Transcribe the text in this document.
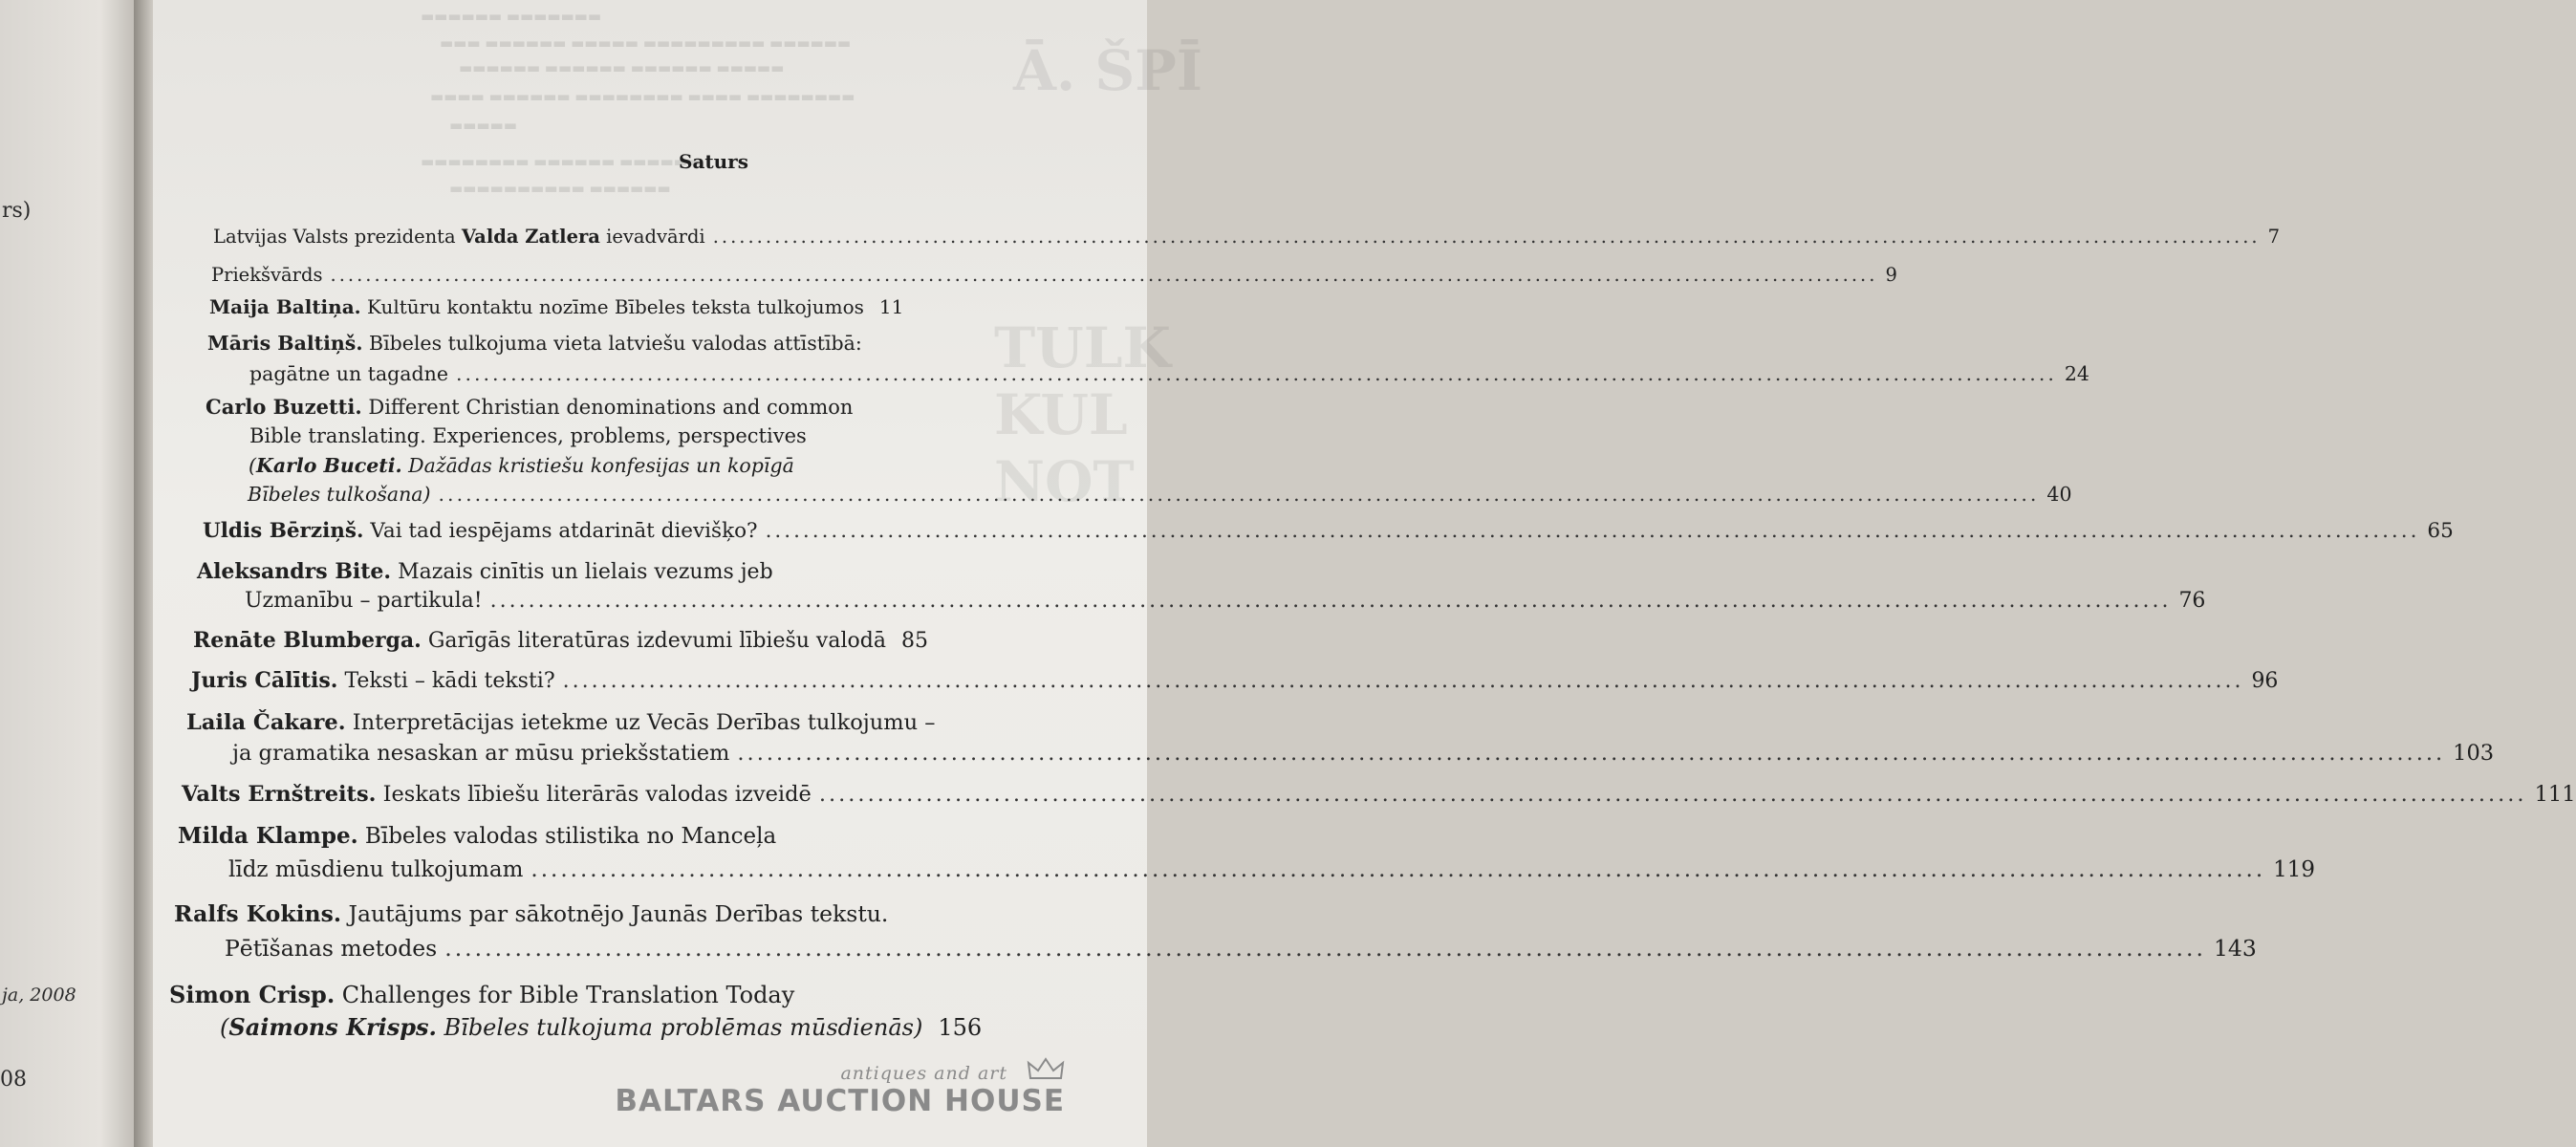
rs)
ja, 2008
08
▬▬▬▬▬▬ ▬▬▬▬▬▬▬
▬▬▬ ▬▬▬▬▬▬ ▬▬▬▬▬ ▬▬▬▬▬▬▬▬▬ ▬▬▬▬▬▬
▬▬▬▬▬▬ ▬▬▬▬▬▬ ▬▬▬▬▬▬ ▬▬▬▬▬
▬▬▬▬ ▬▬▬▬▬▬ ▬▬▬▬▬▬▬▬ ▬▬▬▬ ▬▬▬▬▬▬▬▬
▬▬▬▬▬
▬▬▬▬▬▬▬▬ ▬▬▬▬▬▬ ▬▬▬▬▬▬
▬▬▬▬▬▬▬▬▬▬ ▬▬▬▬▬▬
Ā. ŠPĪ
TULK
KUL
NOT
Saturs
Latvijas Valsts prezidenta Valda Zatlera ievadvārdi .....	7
Priekšvārds .....	9
Maija Baltiņa. Kultūru kontaktu nozīme Bībeles teksta tulkojumos 11
Māris Baltiņš. Bībeles tulkojuma vieta latviešu valodas attīstībā:
pagātne un tagadne .....	24
Carlo Buzetti. Different Christian denominations and common
Bible translating. Experiences, problems, perspectives
(Karlo Buceti. Dažādas kristiešu konfesijas un kopīgā
Bībeles tulkošana) .....	40
Uldis Bērziņš. Vai tad iespējams atdarināt dievišķo? .....	65
Aleksandrs Bite. Mazais cinītis un lielais vezums jeb
Uzmanību – partikula! .....	76
Renāte Blumberga. Garīgās literatūras izdevumi lībiešu valodā 85
Juris Cālītis. Teksti – kādi teksti? .....	96
Laila Čakare. Interpretācijas ietekme uz Vecās Derības tulkojumu –
ja gramatika nesaskan ar mūsu priekšstatiem .....	103
Valts Ernštreits. Ieskats lībiešu literārās valodas izveidē .....	111
Milda Klampe. Bībeles valodas stilistika no Manceļa
līdz mūsdienu tulkojumam .....	119
Ralfs Kokins. Jautājums par sākotnējo Jaunās Derības tekstu.
Pētīšanas metodes .....	143
Simon Crisp. Challenges for Bible Translation Today
(Saimons Krisps. Bībeles tulkojuma problēmas mūsdienās) 156
antiques and art
BALTARS AUCTION HOUSE
